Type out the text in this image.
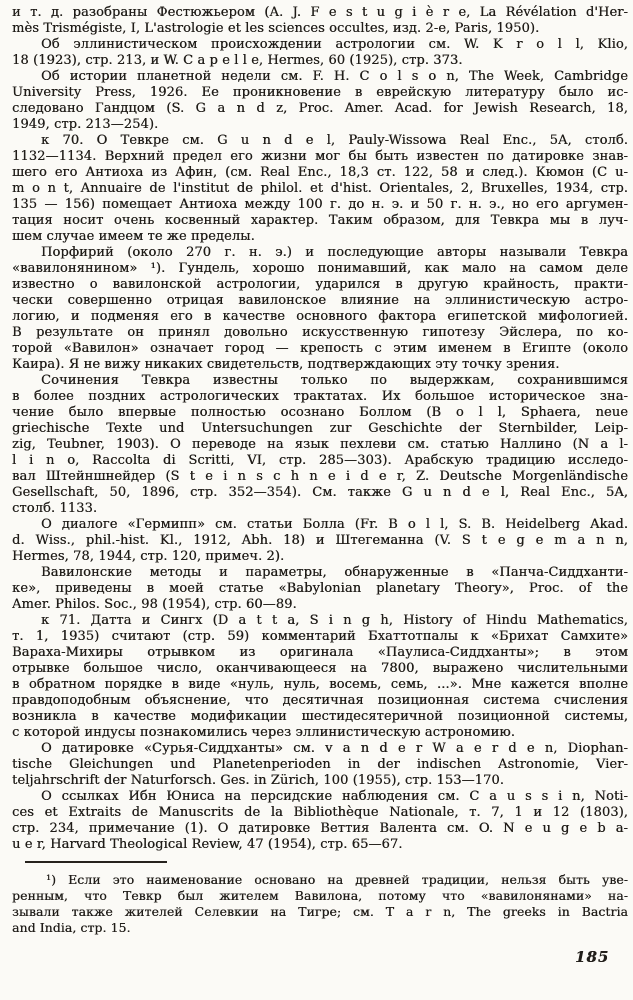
и т. д. разобраны Фестюжьером (A. J. F e s t u g i è r e, La Révélation d'Her-
mès Trismégiste, I, L'astrologie et les sciences occultes, изд. 2-е, Paris, 1950).
Об эллинистическом происхождении астрологии см. W. K r o l l, Klio,
18 (1923), стр. 213, и W. C a p e l l e, Hermes, 60 (1925), стр. 373.
Об истории планетной недели см. F. H. C o l s o n, The Week, Cambridge
University Press, 1926. Ее проникновение в еврейскую литературу было ис-
следовано Гандцом (S. G a n d z, Proc. Amer. Acad. for Jewish Research, 18,
1949, стр. 213—254).
к 70. О Тевкре см. G u n d e l, Pauly-Wissowa Real Enc., 5A, столб.
1132—1134. Верхний предел его жизни мог бы быть известен по датировке знав-
шего его Антиоха из Афин, (см. Real Enc., 18,3 ст. 122, 58 и след.). Кюмон (C u-
m o n t, Annuaire de l'institut de philol. et d'hist. Orientales, 2, Bruxelles, 1934, стр.
135 — 156) помещает Антиоха между 100 г. до н. э. и 50 г. н. э., но его аргумен-
тация носит очень косвенный характер. Таким образом, для Тевкра мы в луч-
шем случае имеем те же пределы.
Порфирий (около 270 г. н. э.) и последующие авторы называли Тевкра
«вавилонянином» ¹). Гундель, хорошо понимавший, как мало на самом деле
известно о вавилонской астрологии, ударился в другую крайность, практи-
чески совершенно отрицая вавилонское влияние на эллинистическую астро-
логию, и подменяя его в качестве основного фактора египетской мифологией.
В результате он принял довольно искусственную гипотезу Эйслера, по ко-
торой «Вавилон» означает город — крепость с этим именем в Египте (около
Каира). Я не вижу никаких свидетельств, подтверждающих эту точку зрения.
Сочинения Тевкра известны только по выдержкам, сохранившимся
в более поздних астрологических трактатах. Их большое историческое зна-
чение было впервые полностью осознано Боллом (B o l l, Sphaera, neue
griechische Texte und Untersuchungen zur Geschichte der Sternbilder, Leip-
zig, Teubner, 1903). О переводе на язык пехлеви см. статью Наллино (N a l-
l i n o, Raccolta di Scritti, VI, стр. 285—303). Арабскую традицию исследо-
вал Штейншнейдер (S t e i n s c h n e i d e r, Z. Deutsche Morgenländische
Gesellschaft, 50, 1896, стр. 352—354). См. также G u n d e l, Real Enc., 5A,
столб. 1133.
О диалоге «Гермипп» см. статьи Болла (Fr. B o l l, S. B. Heidelberg Akad.
d. Wiss., phil.-hist. Kl., 1912, Abh. 18) и Штегеманна (V. S t e g e m a n n,
Hermes, 78, 1944, стр. 120, примеч. 2).
Вавилонские методы и параметры, обнаруженные в «Панча-Сиддханти-
ке», приведены в моей статье «Babylonian planetary Theory», Proc. of the
Amer. Philos. Soc., 98 (1954), стр. 60—89.
к 71. Датта и Сингх (D a t t a, S i n g h, History of Hindu Mathematics,
т. 1, 1935) считают (стр. 59) комментарий Бхаттотпалы к «Брихат Самхите»
Вараха-Михиры отрывком из оригинала «Паулиса-Сиддханты»; в этом
отрывке большое число, оканчивающееся на 7800, выражено числительными
в обратном порядке в виде «нуль, нуль, восемь, семь, ...». Мне кажется вполне
правдоподобным объяснение, что десятичная позиционная система счисления
возникла в качестве модификации шестидесятеричной позиционной системы,
с которой индусы познакомились через эллинистическую астрономию.
О датировке «Сурья-Сиддханты» см. v a n d e r W a e r d e n, Diophan-
tische Gleichungen und Planetenperioden in der indischen Astronomie, Vier-
teljahrschrift der Naturforsch. Ges. in Zürich, 100 (1955), стр. 153—170.
О ссылках Ибн Юниса на персидские наблюдения см. C a u s s i n, Noti-
ces et Extraits de Manuscrits de la Bibliothèque Nationale, т. 7, 1 и 12 (1803),
стр. 234, примечание (1). О датировке Веттия Валента см. O. N e u g e b a-
u e r, Harvard Theological Review, 47 (1954), стр. 65—67.
¹) Если это наименование основано на древней традиции, нельзя быть уве-
ренным, что Тевкр был жителем Вавилона, потому что «вавилонянами» на-
зывали также жителей Селевкии на Тигре; см. T a r n, The greeks in Bactria
and India, стр. 15.
185
